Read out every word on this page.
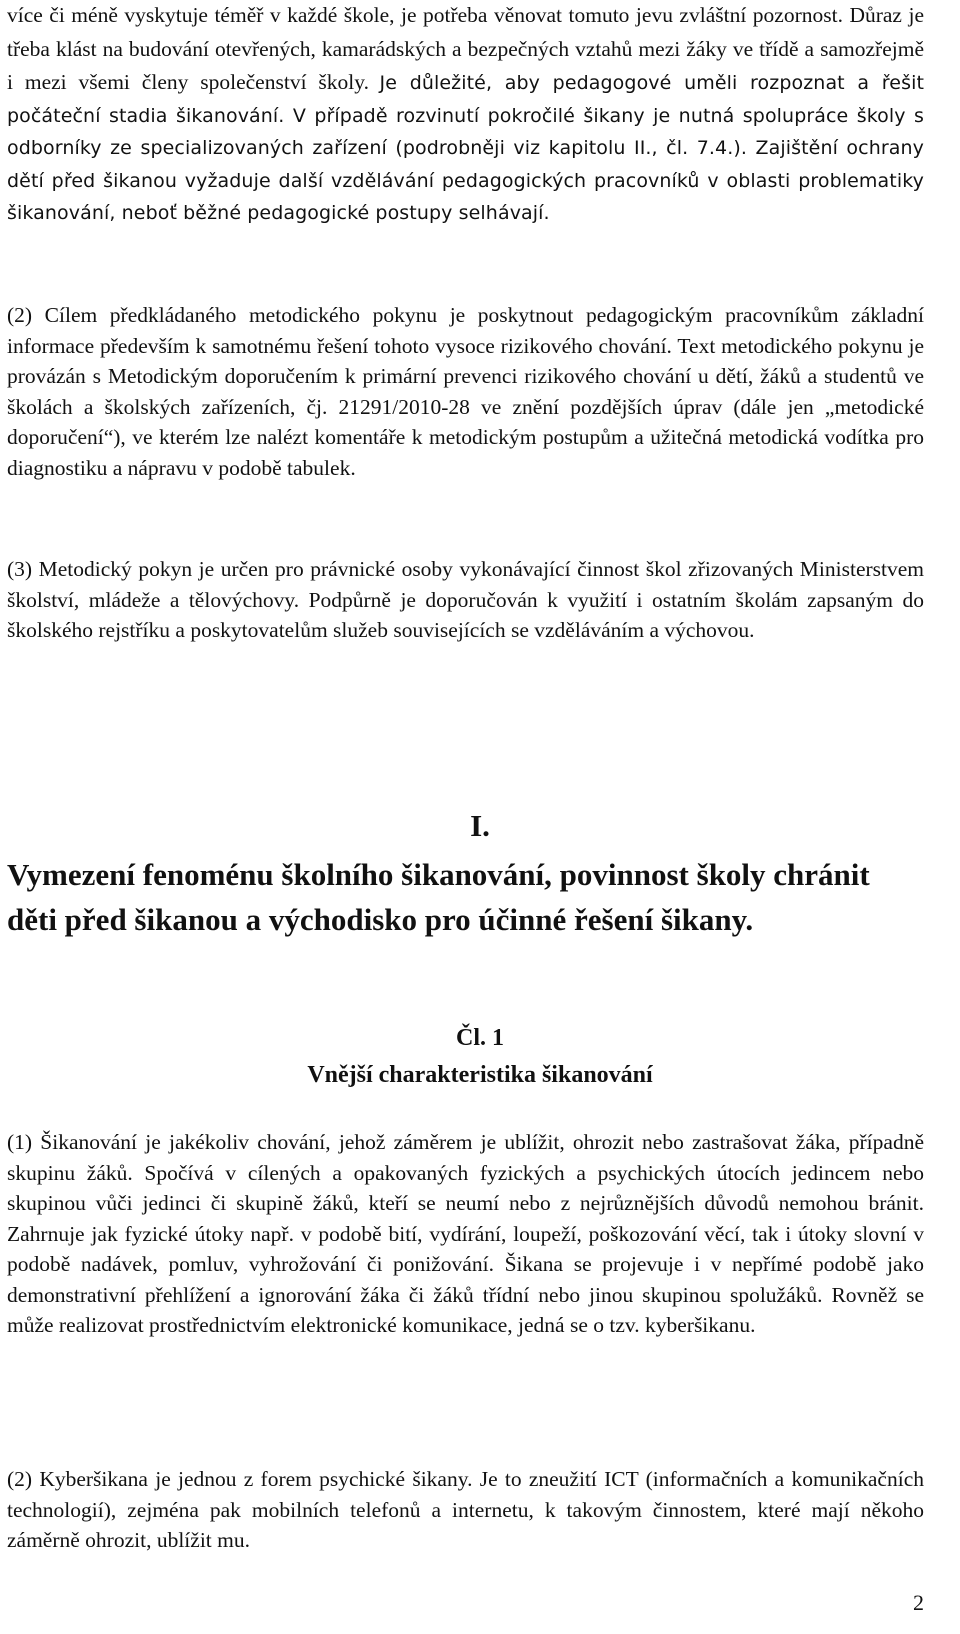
více či méně vyskytuje téměř v každé škole, je potřeba věnovat tomuto jevu zvláštní pozornost. Důraz je třeba klást na budování otevřených, kamarádských a bezpečných vztahů mezi žáky ve třídě a samozřejmě i mezi všemi členy společenství školy. Je důležité, aby pedagogové uměli rozpoznat a řešit počáteční stadia šikanování. V případě rozvinutí pokročilé šikany je nutná spolupráce školy s odborníky ze specializovaných zařízení (podrobněji viz kapitolu II., čl. 7.4.). Zajištění ochrany dětí před šikanou vyžaduje další vzdělávání pedagogických pracovníků v oblasti problematiky šikanování, neboť běžné pedagogické postupy selhávají.

(2) Cílem předkládaného metodického pokynu je poskytnout pedagogickým pracovníkům základní informace především k samotnému řešení tohoto vysoce rizikového chování. Text metodického pokynu je provázán s Metodickým doporučením k primární prevenci rizikového chování u dětí, žáků a studentů ve školách a školských zařízeních, čj. 21291/2010-28 ve znění pozdějších úprav (dále jen „metodické doporučení“), ve kterém lze nalézt komentáře k metodickým postupům a užitečná metodická vodítka pro diagnostiku a nápravu v podobě tabulek.

(3) Metodický pokyn je určen pro právnické osoby vykonávající činnost škol zřizovaných Ministerstvem školství, mládeže a tělovýchovy. Podpůrně je doporučován k využití i ostatním školám zapsaným do školského rejstříku a poskytovatelům služeb souvisejících se vzděláváním a výchovou.

I.
Vymezení fenoménu školního šikanování, povinnost školy chránit děti před šikanou a východisko pro účinné řešení šikany.
Čl. 1
Vnější charakteristika šikanování

(1) Šikanování je jakékoliv chování, jehož záměrem je ublížit, ohrozit nebo zastrašovat žáka, případně skupinu žáků. Spočívá v cílených a opakovaných fyzických a psychických útocích jedincem nebo skupinou vůči jedinci či skupině žáků, kteří se neumí nebo z nejrůznějších důvodů nemohou bránit. Zahrnuje jak fyzické útoky např. v podobě bití, vydírání, loupeží, poškozování věcí, tak i útoky slovní v podobě nadávek, pomluv, vyhrožování či ponižování. Šikana se projevuje i v nepřímé podobě jako demonstrativní přehlížení a ignorování žáka či žáků třídní nebo jinou skupinou spolužáků. Rovněž se může realizovat prostřednictvím elektronické komunikace, jedná se o tzv. kyberšikanu.

(2) Kyberšikana je jednou z forem psychické šikany. Je to zneužití ICT (informačních a komunikačních technologií), zejména pak mobilních telefonů a internetu, k takovým činnostem, které mají někoho záměrně ohrozit, ublížit mu.

2
